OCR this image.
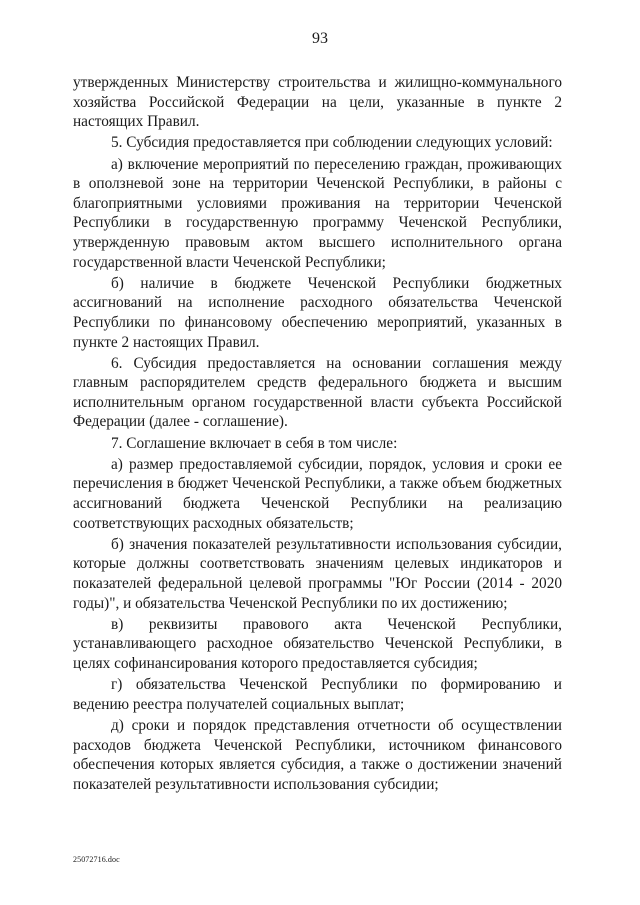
93

утвержденных Министерству строительства и жилищно-коммунального хозяйства Российской Федерации на цели, указанные в пункте 2 настоящих Правил.

5. Субсидия предоставляется при соблюдении следующих условий:

а) включение мероприятий по переселению граждан, проживающих в оползневой зоне на территории Чеченской Республики, в районы с благоприятными условиями проживания на территории Чеченской Республики в государственную программу Чеченской Республики, утвержденную правовым актом высшего исполнительного органа государственной власти Чеченской Республики;

б) наличие в бюджете Чеченской Республики бюджетных ассигнований на исполнение расходного обязательства Чеченской Республики по финансовому обеспечению мероприятий, указанных в пункте 2 настоящих Правил.

6. Субсидия предоставляется на основании соглашения между главным распорядителем средств федерального бюджета и высшим исполнительным органом государственной власти субъекта Российской Федерации (далее - соглашение).

7. Соглашение включает в себя в том числе:

а) размер предоставляемой субсидии, порядок, условия и сроки ее перечисления в бюджет Чеченской Республики, а также объем бюджетных ассигнований бюджета Чеченской Республики на реализацию соответствующих расходных обязательств;

б) значения показателей результативности использования субсидии, которые должны соответствовать значениям целевых индикаторов и показателей федеральной целевой программы "Юг России (2014 - 2020 годы)", и обязательства Чеченской Республики по их достижению;

в) реквизиты правового акта Чеченской Республики, устанавливающего расходное обязательство Чеченской Республики, в целях софинансирования которого предоставляется субсидия;

г) обязательства Чеченской Республики по формированию и ведению реестра получателей социальных выплат;

д) сроки и порядок представления отчетности об осуществлении расходов бюджета Чеченской Республики, источником финансового обеспечения которых является субсидия, а также о достижении значений показателей результативности использования субсидии;

25072716.doc
